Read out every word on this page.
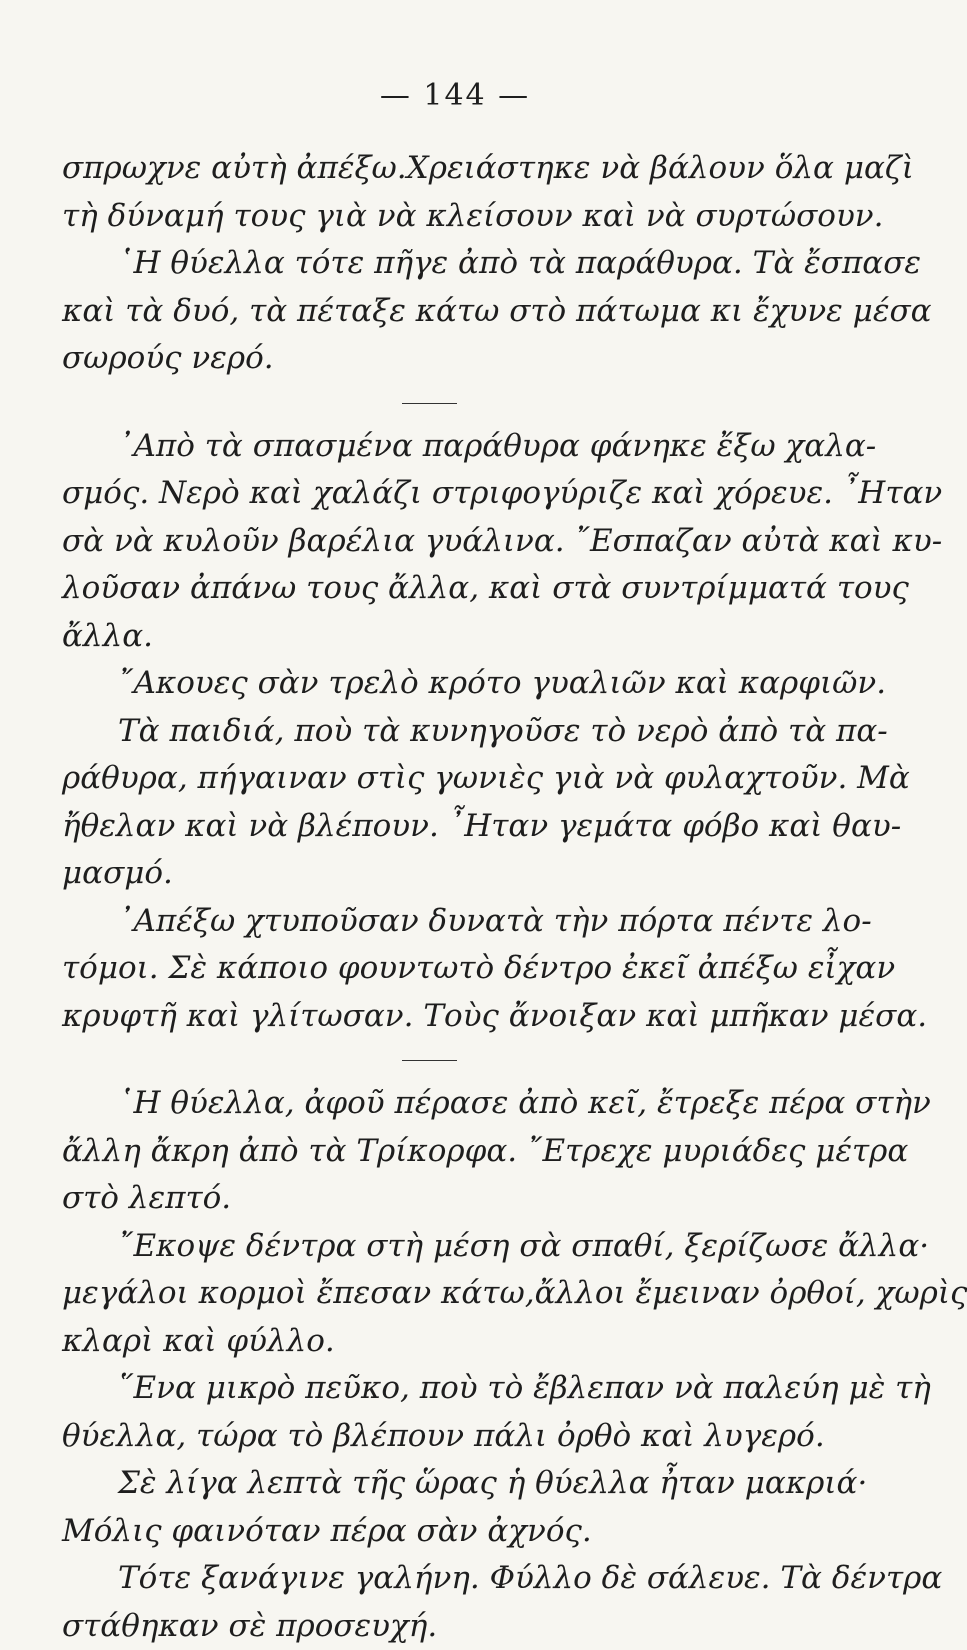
— 144 —
σπρωχνε αὐτὴ ἀπέξω.Χρειάστηκε νὰ βάλουν ὅλα μαζὶ
τὴ δύναμή τους γιὰ νὰ κλείσουν καὶ νὰ συρτώσουν.
῾Η θύελλα τότε πῆγε ἀπὸ τὰ παράθυρα. Τὰ ἔσπασε
καὶ τὰ δυό, τὰ πέταξε κάτω στὸ πάτωμα κι ἔχυνε μέσα
σωρούς νερό.
᾿Απὸ τὰ σπασμένα παράθυρα φάνηκε ἔξω χαλα-
σμός. Νερὸ καὶ χαλάζι στριφογύριζε καὶ χόρευε. ῏Ηταν
σὰ νὰ κυλοῦν βαρέλια γυάλινα. ῎Εσπαζαν αὐτὰ καὶ κυ-
λοῦσαν ἀπάνω τους ἄλλα, καὶ στὰ συντρίμματά τους
ἄλλα.
῎Ακουες σὰν τρελὸ κρότο γυαλιῶν καὶ καρφιῶν.
Τὰ παιδιά, ποὺ τὰ κυνηγοῦσε τὸ νερὸ ἀπὸ τὰ πα-
ράθυρα, πήγαιναν στὶς γωνιὲς γιὰ νὰ φυλαχτοῦν. Μὰ
ἤθελαν καὶ νὰ βλέπουν. ῏Ηταν γεμάτα φόβο καὶ θαυ-
μασμό.
᾿Απέξω χτυποῦσαν δυνατὰ τὴν πόρτα πέντε λο-
τόμοι. Σὲ κάποιο φουντωτὸ δέντρο ἐκεῖ ἀπέξω εἶχαν
κρυφτῆ καὶ γλίτωσαν. Τοὺς ἄνοιξαν καὶ μπῆκαν μέσα.
῾Η θύελλα, ἀφοῦ πέρασε ἀπὸ κεῖ, ἔτρεξε πέρα στὴν
ἄλλη ἄκρη ἀπὸ τὰ Τρίκορφα. ῎Ετρεχε μυριάδες μέτρα
στὸ λεπτό.
῎Εκοψε δέντρα στὴ μέση σὰ σπαθί, ξερίζωσε ἄλλα·
μεγάλοι κορμοὶ ἔπεσαν κάτω,ἄλλοι ἔμειναν ὀρθοί, χωρὶς
κλαρὶ καὶ φύλλο.
῞Ενα μικρὸ πεῦκο, ποὺ τὸ ἔβλεπαν νὰ παλεύη μὲ τὴ
θύελλα, τώρα τὸ βλέπουν πάλι ὀρθὸ καὶ λυγερό.
Σὲ λίγα λεπτὰ τῆς ὥρας ἡ θύελλα ἦταν μακριά·
Μόλις φαινόταν πέρα σὰν ἀχνός.
Τότε ξανάγινε γαλήνη. Φύλλο δὲ σάλευε. Τὰ δέντρα
στάθηκαν σὲ προσευχή.
